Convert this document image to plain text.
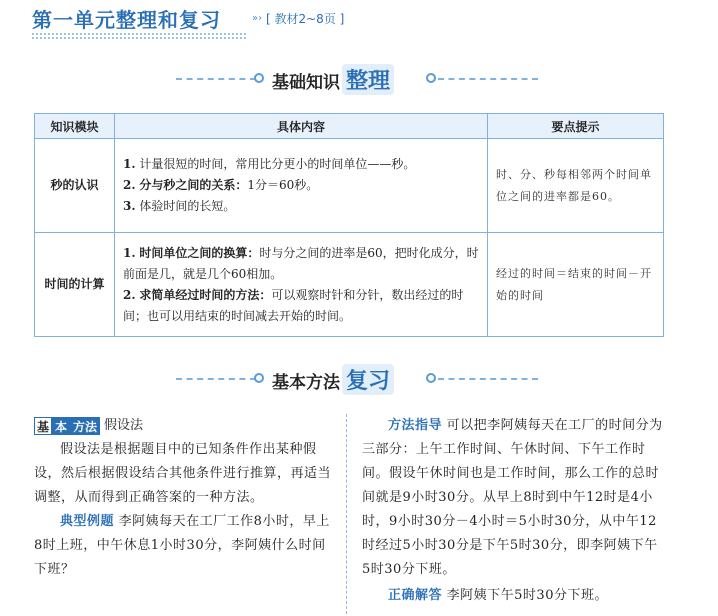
第一单元整理和复习	»› [ 教材2~8页 ]
基础知识 整理
知识模块	具体内容	要点提示
秒的认识	1. 计量很短的时间，常用比分更小的时间单位——秒。
2. 分与秒之间的关系：1分＝60秒。
3. 体验时间的长短。	时、分、秒每相邻两个时间单位之间的进率都是60。
时间的计算	1. 时间单位之间的换算：时与分之间的进率是60，把时化成分，时前面是几，就是几个60相加。
2. 求简单经过时间的方法：可以观察时针和分针，数出经过的时间；也可以用结束的时间减去开始的时间。	经过的时间＝结束的时间－开始的时间
基本方法 复习
基 本 方法 假设法

假设法是根据题目中的已知条件作出某种假设，然后根据假设结合其他条件进行推算，再适当调整，从而得到正确答案的一种方法。

典型例题 李阿姨每天在工厂工作8小时，早上8时上班，中午休息1小时30分，李阿姨什么时间下班？

方法指导 可以把李阿姨每天在工厂的时间分为三部分：上午工作时间、午休时间、下午工作时间。假设午休时间也是工作时间，那么工作的总时间就是9小时30分。从早上8时到中午12时是4小时，9小时30分－4小时＝5小时30分，从中午12时经过5小时30分是下午5时30分，即李阿姨下午5时30分下班。

正确解答 李阿姨下午5时30分下班。
